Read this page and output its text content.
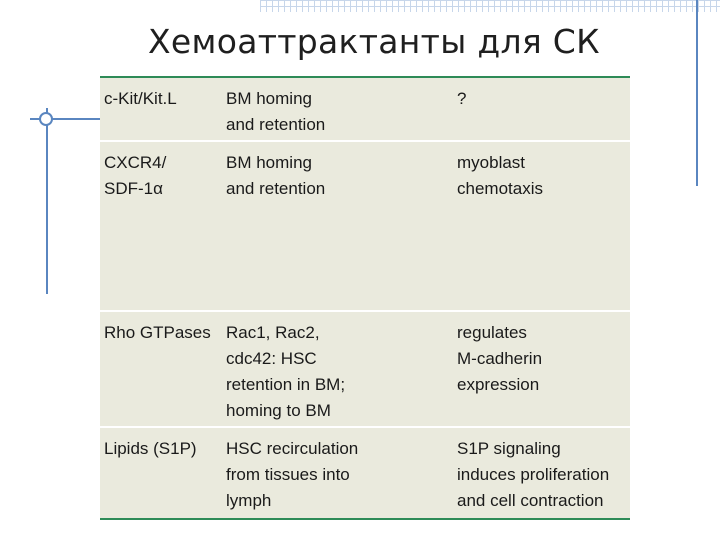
Хемоаттрактанты для СК
c-Kit/Kit.L	BM homing
and retention
?
CXCR4/
SDF-1α
BM homing
and retention
myoblast
chemotaxis
Rho GTPases Rac1, Rac2,
cdc42: HSC
retention in BM;
homing to BM
regulates
M-cadherin
expression
Lipids (S1P)	HSC recirculation
from tissues into
lymph
S1P signaling
induces proliferation
and cell contraction
